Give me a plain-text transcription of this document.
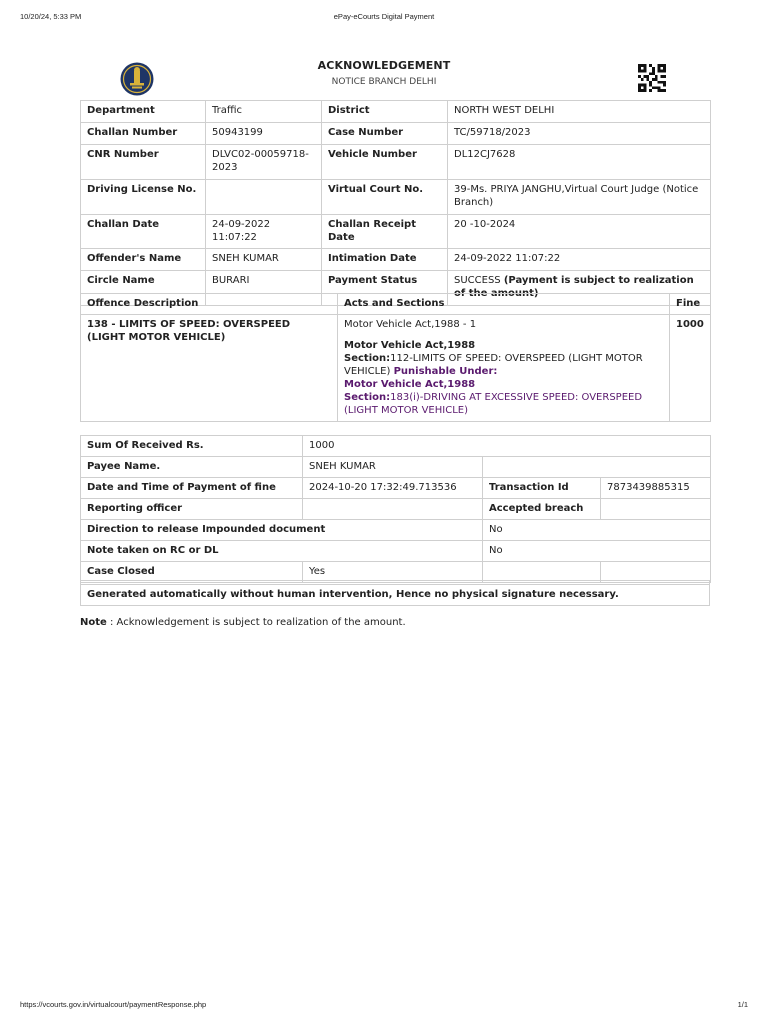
10/20/24, 5:33 PM	ePay-eCourts Digital Payment
ACKNOWLEDGEMENT
NOTICE BRANCH DELHI
Department	Traffic	District	NORTH WEST DELHI
Challan Number	50943199	Case Number	TC/59718/2023
CNR Number	DLVC02-00059718-2023	Vehicle Number	DL12CJ7628
Driving License No.		Virtual Court No.	39-Ms. PRIYA JANGHU,Virtual Court Judge (Notice Branch)
Challan Date	24-09-2022 11:07:22	Challan Receipt Date	20 -10-2024
Offender's Name	SNEH KUMAR	Intimation Date	24-09-2022 11:07:22
Circle Name	BURARI	Payment Status	SUCCESS (Payment is subject to realization of the amount)
Offence Description	Acts and Sections	Fine
138 - LIMITS OF SPEED: OVERSPEED (LIGHT MOTOR VEHICLE)	Motor Vehicle Act,1988 - 1
Motor Vehicle Act,1988
Section:112-LIMITS OF SPEED: OVERSPEED (LIGHT MOTOR VEHICLE) Punishable Under:
Motor Vehicle Act,1988
Section:183(i)-DRIVING AT EXCESSIVE SPEED: OVERSPEED (LIGHT MOTOR VEHICLE)	1000
Sum Of Received Rs.	1000		
Payee Name.	SNEH KUMAR		
Date and Time of Payment of fine	2024-10-20 17:32:49.713536	Transaction Id	7873439885315
Reporting officer		Accepted breach	
Direction to release Impounded document		No	
Note taken on RC or DL		No	
Case Closed	Yes		

Generated automatically without human intervention, Hence no physical signature necessary.
Note : Acknowledgement is subject to realization of the amount.
https://vcourts.gov.in/virtualcourt/paymentResponse.php	1/1
